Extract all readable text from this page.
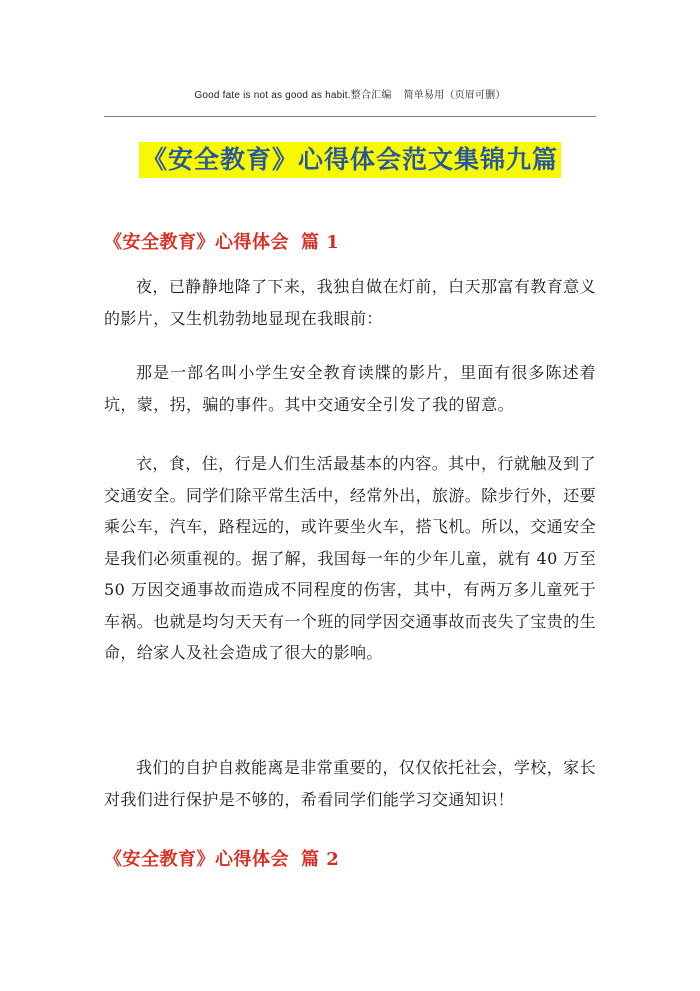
Good fate is not as good as habit.整合汇编 简单易用（页眉可删）
《安全教育》心得体会范文集锦九篇
《安全教育》心得体会 篇 1

夜，已静静地降了下来，我独自做在灯前，白天那富有教育意义的影片，又生机勃勃地显现在我眼前：

那是一部名叫小学生安全教育读牒的影片，里面有很多陈述着坑，蒙，拐，骗的事件。其中交通安全引发了我的留意。

衣，食，住，行是人们生活最基本的内容。其中，行就触及到了交通安全。同学们除平常生活中，经常外出，旅游。除步行外，还要乘公车，汽车，路程远的，或许要坐火车，搭飞机。所以，交通安全是我们必须重视的。据了解，我国每一年的少年儿童，就有 40 万至 50 万因交通事故而造成不同程度的伤害，其中，有两万多儿童死于车祸。也就是均匀天天有一个班的同学因交通事故而丧失了宝贵的生命，给家人及社会造成了很大的影响。

我们的自护自救能离是非常重要的，仅仅依托社会，学校，家长对我们进行保护是不够的，希看同学们能学习交通知识！

《安全教育》心得体会 篇 2
